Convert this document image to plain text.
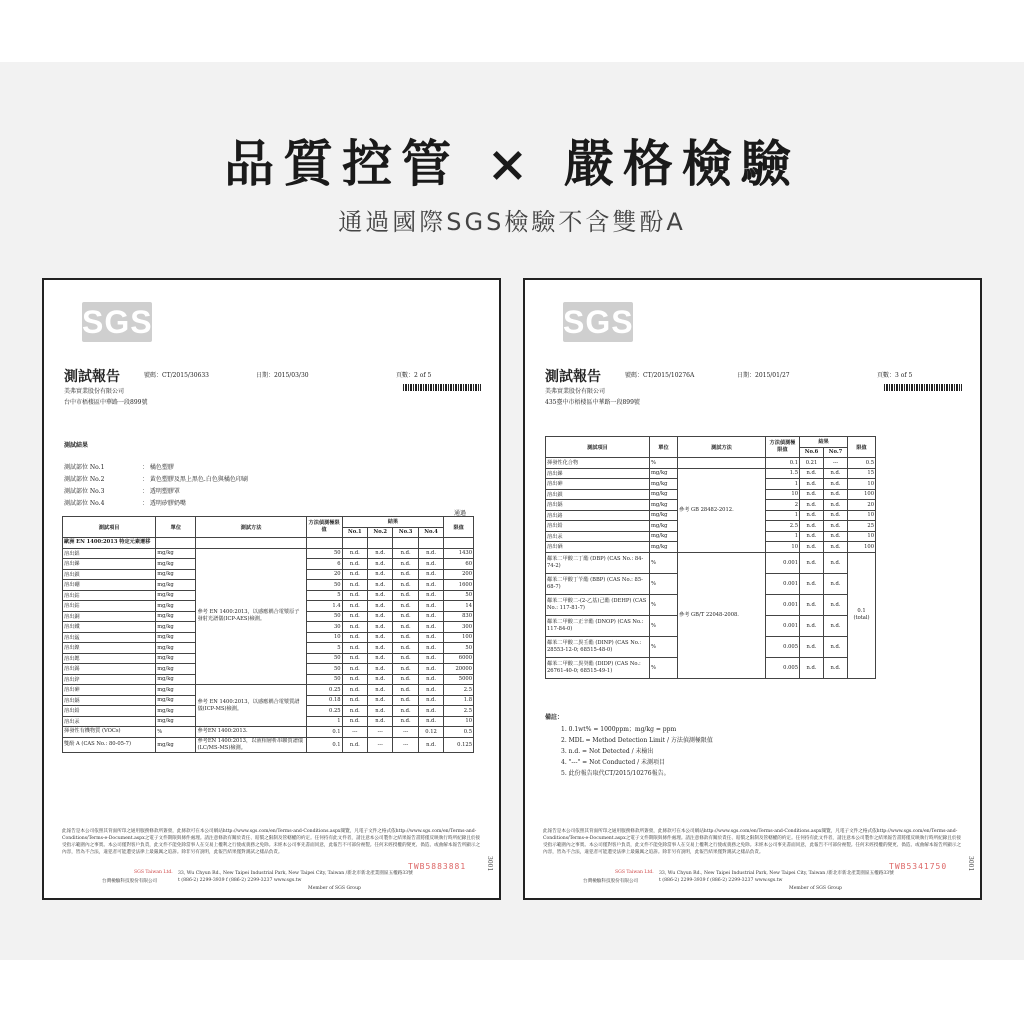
品質控管 × 嚴格檢驗
通過國際SGS檢驗不含雙酚A
SGS
測試報告	號碼：CT/2015/30633	日期：2015/03/30	頁數：2 of 5
美弗實業股份有限公司
台中市梧棲區中華路一段899號
測試結果
測試部位 No.1	： 橘色塑膠
測試部位 No.2	： 黃色塑膠及黑上黑色.白色與橘色印刷
測試部位 No.3	： 透明塑膠罩
測試部位 No.4	： 透明矽膠奶嘴
通過
測試項目	單位	測試方法	方法偵測極限值	結果				限值
				No.1	No.2	No.3	No.4	
歐洲 EN 1400:2013 特定元素遷移								
溶出鋁	mg/kg	參考 EN 1400:2013，以感應耦合電漿原子發射光譜儀(ICP-AES)檢測。	50	n.d.	n.d.	n.d.	n.d.	1430
溶出銻	mg/kg		6	n.d.	n.d.	n.d.	n.d.	60
溶出鋇	mg/kg		20	n.d.	n.d.	n.d.	n.d.	200
溶出硼	mg/kg		50	n.d.	n.d.	n.d.	n.d.	1600
溶出鈷	mg/kg		5	n.d.	n.d.	n.d.	n.d.	50
溶出鈷	mg/kg		1.4	n.d.	n.d.	n.d.	n.d.	14
溶出銅	mg/kg		50	n.d.	n.d.	n.d.	n.d.	830
溶出鐵	mg/kg		30	n.d.	n.d.	n.d.	n.d.	300
溶出錳	mg/kg		10	n.d.	n.d.	n.d.	n.d.	100
溶出鎳	mg/kg		5	n.d.	n.d.	n.d.	n.d.	50
溶出鍶	mg/kg		50	n.d.	n.d.	n.d.	n.d.	6000
溶出錫	mg/kg		50	n.d.	n.d.	n.d.	n.d.	20000
溶出鋅	mg/kg		50	n.d.	n.d.	n.d.	n.d.	5000
溶出砷	mg/kg	參考 EN 1400:2013，以感應耦合電漿質譜儀(ICP-MS)檢測。	0.25	n.d.	n.d.	n.d.	n.d.	2.5
溶出鎘	mg/kg		0.18	n.d.	n.d.	n.d.	n.d.	1.8
溶出鉛	mg/kg		0.25	n.d.	n.d.	n.d.	n.d.	2.5
溶出汞	mg/kg		1	n.d.	n.d.	n.d.	n.d.	10
揮發性有機物質 (VOCs)	%	參考EN 1400:2013.	0.1	---	---	---	0.12	0.5
雙酚 A (CAS No.: 80-05-7)	mg/kg	參考EN 1400:2013，以液相層析串聯質譜儀(LC/MS-MS)檢測。	0.1	n.d.	---	---	n.d.	0.125
此報告是本公司依照其背面所印之通用服務條款所簽發，此條款可在本公司網站http://www.sgs.com/en/Terms-and-Conditions.aspx閱覽，凡電子文件之格式依http://www.sgs.com/en/Terms-and-Conditions/Terms-e-Document.aspx之電子文件期限與條件處理。請注意條款有關於責任、賠償之限制及管轄權的約定。任何持有此文件者，請注意本公司製作之結果報告書將僅反映執行時所紀錄且於接受指示範圍內之事實。本公司僅對客戶負責，此文件不能免除當事人在交易上權利之行使或義務之免除。未經本公司事先書面同意，此報告不可部份複製。任何未經授權的變更、偽造、或曲解本報告所顯示之內容，皆為不合法，違犯者可能遭受法律上最嚴厲之追訴。除非另有說明，此報告結果僅對測試之樣品負責。
TWB5883881
SGS Taiwan Ltd.
台灣檢驗科技股份有限公司
33, Wu Chyun Rd., New Taipei Industrial Park, New Taipei City, Taiwan /新北市新北產業園區五權路33號
t (886-2) 2299-3939 f (886-2) 2299-3237 www.sgs.tw
Member of SGS Group
3001
SGS
測試報告	號碼：CT/2015/10276A	日期：2015/01/27	頁數：3 of 5
美弗實業股份有限公司
435臺中市梧棲區中華路一段899號
測試項目	單位	測試方法	方法偵測極限值	結果		限值
				No.6	No.7	
揮發性化合物	%		0.1	0.21	---	0.5
溶出銻	mg/kg	參考 GB 28482-2012.	1.5	n.d.	n.d.	15
溶出砷	mg/kg		1	n.d.	n.d.	10
溶出鋇	mg/kg		10	n.d.	n.d.	100
溶出鎘	mg/kg		2	n.d.	n.d.	20
溶出鉻	mg/kg		1	n.d.	n.d.	10
溶出鉛	mg/kg		2.5	n.d.	n.d.	25
溶出汞	mg/kg		1	n.d.	n.d.	10
溶出硒	mg/kg		10	n.d.	n.d.	100
鄰苯二甲酸二丁酯 (DBP) (CAS No.: 84-74-2)	%	參考 GB/T 22048-2008.	0.001	n.d.	n.d.	0.1 (total)
鄰苯二甲酸丁苄酯 (BBP) (CAS No.: 85-68-7)	%		0.001	n.d.	n.d.	
鄰苯二甲酸二-(2-乙基)己酯 (DEHP) (CAS No.: 117-81-7)	%		0.001	n.d.	n.d.	
鄰苯二甲酸二正辛酯 (DNOP) (CAS No.: 117-84-0)	%		0.001	n.d.	n.d.	
鄰苯二甲酸二異壬酯 (DINP) (CAS No.: 28553-12-0; 68515-48-0)	%		0.005	n.d.	n.d.	
鄰苯二甲酸二異癸酯 (DIDP) (CAS No.: 26761-40-0; 68515-49-1)	%		0.005	n.d.	n.d.	
備註：
1. 0.1wt% = 1000ppm；mg/kg = ppm
2. MDL = Method Detection Limit / 方法偵測極限值
3. n.d. = Not Detected / 未檢出
4. "---" = Not Conducted / 未測項目
5. 此份報告取代CT/2015/10276報告。
此報告是本公司依照其背面所印之通用服務條款所簽發，此條款可在本公司網站http://www.sgs.com/en/Terms-and-Conditions.aspx閱覽，凡電子文件之格式依http://www.sgs.com/en/Terms-and-Conditions/Terms-e-Document.aspx之電子文件期限與條件處理。請注意條款有關於責任、賠償之限制及管轄權的約定。任何持有此文件者，請注意本公司製作之結果報告書將僅反映執行時所紀錄且於接受指示範圍內之事實。本公司僅對客戶負責，此文件不能免除當事人在交易上權利之行使或義務之免除。未經本公司事先書面同意，此報告不可部份複製。任何未經授權的變更、偽造、或曲解本報告所顯示之內容，皆為不合法，違犯者可能遭受法律上最嚴厲之追訴。除非另有說明，此報告結果僅對測試之樣品負責。
TWB5341750
SGS Taiwan Ltd.
台灣檢驗科技股份有限公司
33, Wu Chyun Rd., New Taipei Industrial Park, New Taipei City, Taiwan /新北市新北產業園區五權路33號
t (886-2) 2299-3939 f (886-2) 2299-3237 www.sgs.tw
Member of SGS Group
3001
